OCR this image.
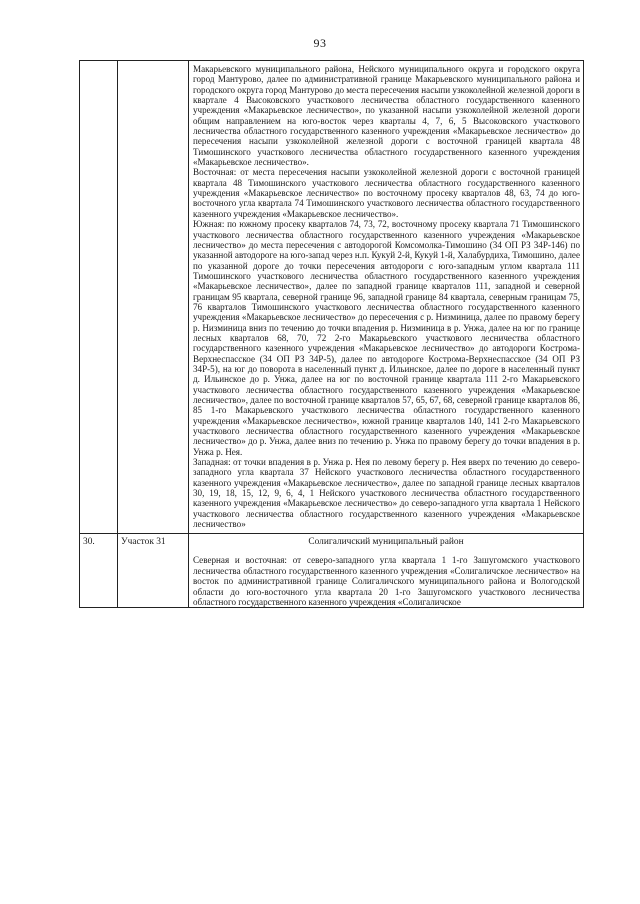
93

		Макарьевского муниципального района, Нейского муниципального округа и городского округа город Мантурово, далее по административной границе Макарьевского муниципального района и городского округа город Мантурово до места пересечения насыпи узкоколейной железной дороги в квартале 4 Высоковского участкового лесничества областного государственного казенного учреждения «Макарьевское лесничество», по указанной насыпи узкоколейной железной дороги общим направлением на юго-восток через кварталы 4, 7, 6, 5 Высоковского участкового лесничества областного государственного казенного учреждения «Макарьевское лесничество» до пересечения насыпи узкоколейной железной дороги с восточной границей квартала 48 Тимошинского участкового лесничества областного государственного казенного учреждения «Макарьевское лесничество».

Восточная: от места пересечения насыпи узкоколейной железной дороги с восточной границей квартала 48 Тимошинского участкового лесничества областного государственного казенного учреждения «Макарьевское лесничество» по восточному просеку кварталов 48, 63, 74 до юго-восточного угла квартала 74 Тимошинского участкового лесничества областного государственного казенного учреждения «Макарьевское лесничество».

Южная: по южному просеку кварталов 74, 73, 72, восточному просеку квартала 71 Тимошинского участкового лесничества областного государственного казенного учреждения «Макарьевское лесничество» до места пересечения с автодорогой Комсомолка-Тимошино (34 ОП РЗ 34Р-146) по указанной автодороге на юго-запад через н.п. Кукуй 2-й, Кукуй 1-й, Халабурдиха, Тимошино, далее по указанной дороге до точки пересечения автодороги с юго-западным углом квартала 111 Тимошинского участкового лесничества областного государственного казенного учреждения «Макарьевское лесничество», далее по западной границе кварталов 111, западной и северной границам 95 квартала, северной границе 96, западной границе 84 квартала, северным границам 75, 76 кварталов Тимошинского участкового лесничества областного государственного казенного учреждения «Макарьевское лесничество» до пересечения с р. Низминица, далее по правому берегу р. Низминица вниз по течению до точки впадения р. Низминица в р. Унжа, далее на юг по границе лесных кварталов 68, 70, 72 2-го Макарьевского участкового лесничества областного государственного казенного учреждения «Макарьевское лесничество» до автодороги Кострома-Верхнеспасское (34 ОП РЗ 34Р-5), далее по автодороге Кострома-Верхнеспасское (34 ОП РЗ 34Р-5), на юг до поворота в населенный пункт д. Ильинское, далее по дороге в населенный пункт д. Ильинское до р. Унжа, далее на юг по восточной границе квартала 111 2-го Макарьевского участкового лесничества областного государственного казенного учреждения «Макарьевское лесничество», далее по восточной границе кварталов 57, 65, 67, 68, северной границе кварталов 86, 85 1-го Макарьевского участкового лесничества областного государственного казенного учреждения «Макарьевское лесничество», южной границе кварталов 140, 141 2-го Макарьевского участкового лесничества областного государственного казенного учреждения «Макарьевское лесничество» до р. Унжа, далее вниз по течению р. Унжа по правому берегу до точки впадения в р. Унжа р. Нея.

Западная: от точки впадения в р. Унжа р. Нея по левому берегу р. Нея вверх по течению до северо-западного угла квартала 37 Нейского участкового лесничества областного государственного казенного учреждения «Макарьевское лесничество», далее по западной границе лесных кварталов 30, 19, 18, 15, 12, 9, 6, 4, 1 Нейского участкового лесничества областного государственного казенного учреждения «Макарьевское лесничество» до северо-западного угла квартала 1 Нейского участкового лесничества областного государственного казенного учреждения «Макарьевское лесничество»

30.	Участок 31	Солигаличский муниципальный район

Северная и восточная: от северо-западного угла квартала 1 1-го Зашугомского участкового лесничества областного государственного казенного учреждения «Солигаличское лесничество» на восток по административной границе Солигаличского муниципального района и Вологодской области до юго-восточного угла квартала 20 1-го Зашугомского участкового лесничества областного государственного казенного учреждения «Солигаличское
